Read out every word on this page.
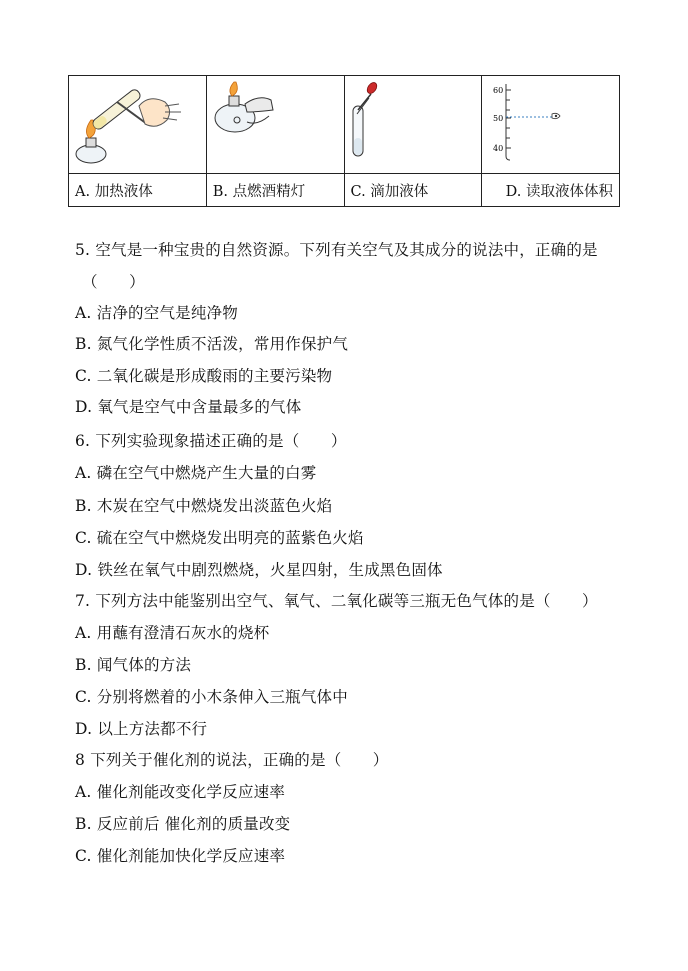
60
50
40

A. 加热液体	B. 点燃酒精灯	C. 滴加液体	D. 读取液体体积
5. 空气是一种宝贵的自然资源。下列有关空气及其成分的说法中，正确的是
（　　）
A. 洁净的空气是纯净物
B. 氮气化学性质不活泼，常用作保护气
C. 二氧化碳是形成酸雨的主要污染物
D. 氧气是空气中含量最多的气体
6. 下列实验现象描述正确的是（　　）
A. 磷在空气中燃烧产生大量的白雾
B. 木炭在空气中燃烧发出淡蓝色火焰
C. 硫在空气中燃烧发出明亮的蓝紫色火焰
D. 铁丝在氧气中剧烈燃烧，火星四射，生成黑色固体
7. 下列方法中能鉴别出空气、氧气、二氧化碳等三瓶无色气体的是（　　）
A. 用蘸有澄清石灰水的烧杯
B. 闻气体的方法
C. 分别将燃着的小木条伸入三瓶气体中
D. 以上方法都不行
8 下列关于催化剂的说法，正确的是（　　）
A. 催化剂能改变化学反应速率
B. 反应前后 催化剂的质量改变
C. 催化剂能加快化学反应速率
